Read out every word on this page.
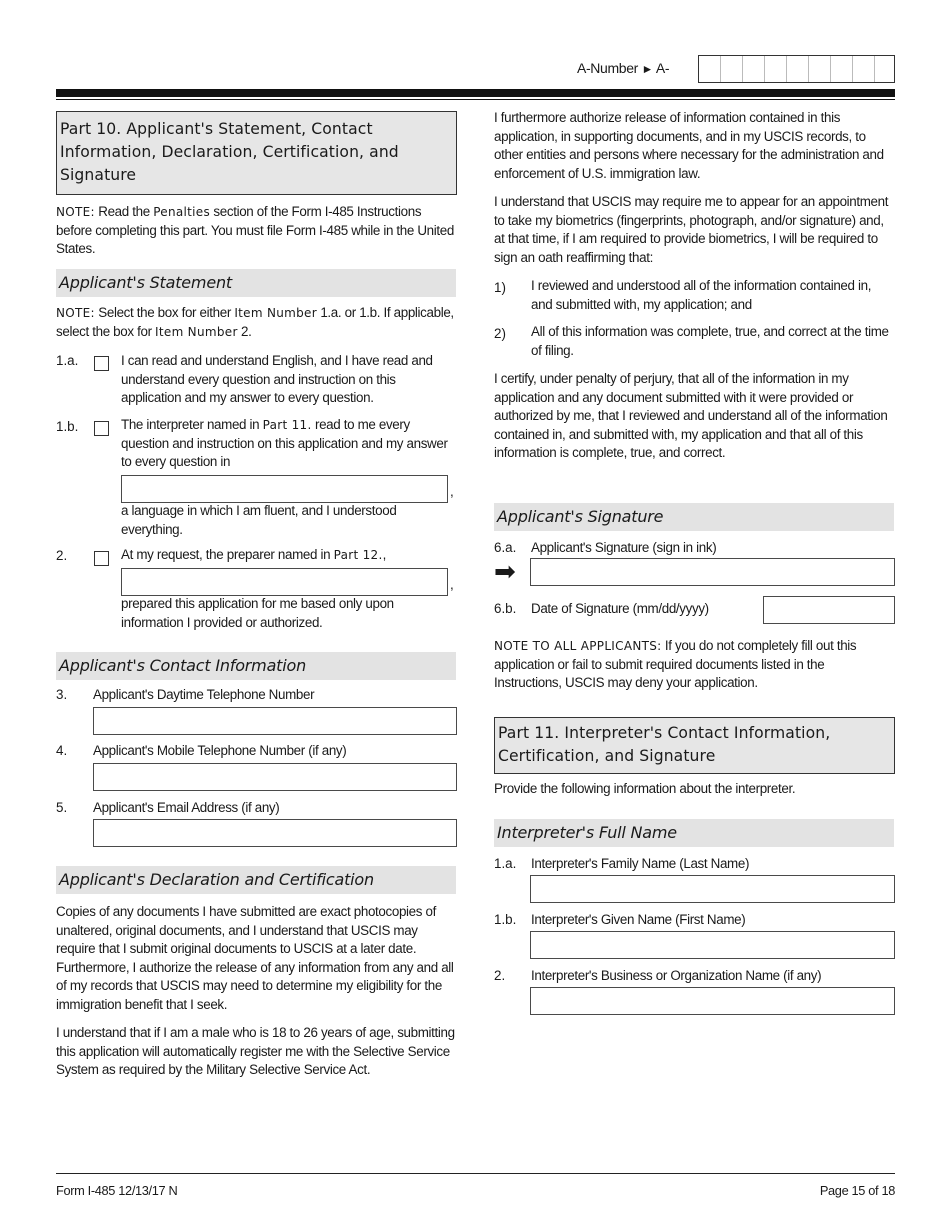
A-Number ► A-
Part 10. Applicant's Statement, Contact Information, Declaration, Certification, and Signature
NOTE: Read the Penalties section of the Form I-485 Instructions before completing this part. You must file Form I-485 while in the United States.
Applicant's Statement
NOTE: Select the box for either Item Number 1.a. or 1.b. If applicable, select the box for Item Number 2.
1.a.	I can read and understand English, and I have read and understand every question and instruction on this application and my answer to every question.
1.b.	The interpreter named in Part 11. read to me every question and instruction on this application and my answer to every question in
,
a language in which I am fluent, and I understood everything.
2.	At my request, the preparer named in Part 12.,
,
prepared this application for me based only upon information I provided or authorized.
Applicant's Contact Information
3. Applicant's Daytime Telephone Number
4. Applicant's Mobile Telephone Number (if any)
5. Applicant's Email Address (if any)
Applicant's Declaration and Certification
Copies of any documents I have submitted are exact photocopies of unaltered, original documents, and I understand that USCIS may require that I submit original documents to USCIS at a later date. Furthermore, I authorize the release of any information from any and all of my records that USCIS may need to determine my eligibility for the immigration benefit that I seek.
I understand that if I am a male who is 18 to 26 years of age, submitting this application will automatically register me with the Selective Service System as required by the Military Selective Service Act.
I furthermore authorize release of information contained in this application, in supporting documents, and in my USCIS records, to other entities and persons where necessary for the administration and enforcement of U.S. immigration law.
I understand that USCIS may require me to appear for an appointment to take my biometrics (fingerprints, photograph, and/or signature) and, at that time, if I am required to provide biometrics, I will be required to sign an oath reaffirming that:
1) I reviewed and understood all of the information contained in, and submitted with, my application; and
2) All of this information was complete, true, and correct at the time of filing.
I certify, under penalty of perjury, that all of the information in my application and any document submitted with it were provided or authorized by me, that I reviewed and understand all of the information contained in, and submitted with, my application and that all of this information is complete, true, and correct.
Applicant's Signature
6.a. Applicant's Signature (sign in ink)
➡
6.b. Date of Signature (mm/dd/yyyy)
NOTE TO ALL APPLICANTS: If you do not completely fill out this application or fail to submit required documents listed in the Instructions, USCIS may deny your application.
Part 11. Interpreter's Contact Information, Certification, and Signature
Provide the following information about the interpreter.
Interpreter's Full Name
1.a. Interpreter's Family Name (Last Name)
1.b. Interpreter's Given Name (First Name)
2. Interpreter's Business or Organization Name (if any)
Form I-485 12/13/17 N	Page 15 of 18
